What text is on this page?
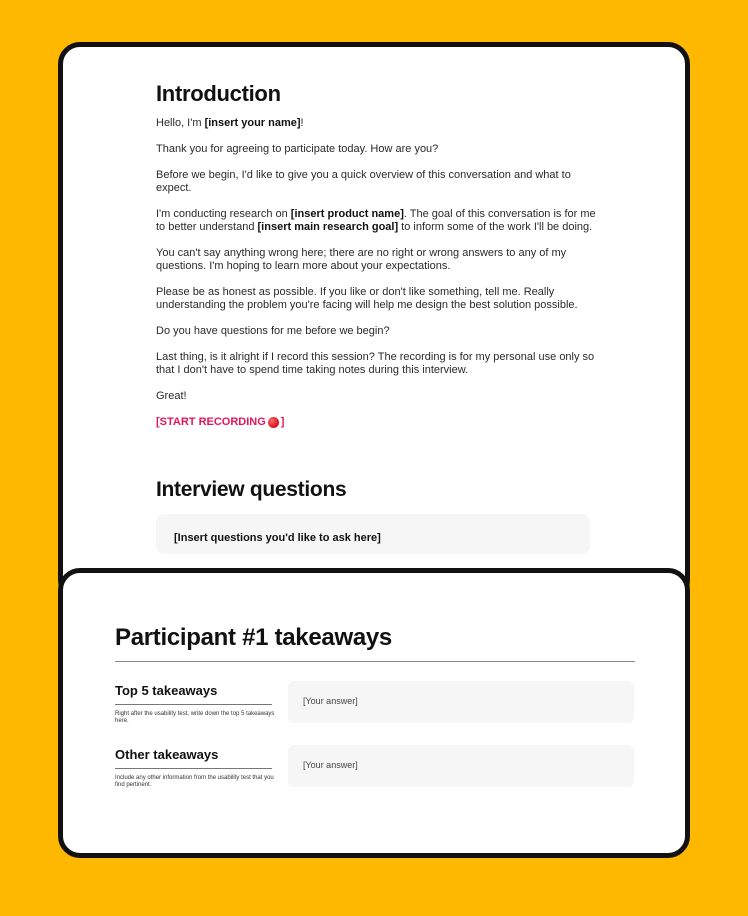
Introduction

Hello, I'm [insert your name]!

Thank you for agreeing to participate today. How are you?

Before we begin, I'd like to give you a quick overview of this conversation and what to expect.

I'm conducting research on [insert product name]. The goal of this conversation is for me to better understand [insert main research goal] to inform some of the work I'll be doing.

You can't say anything wrong here; there are no right or wrong answers to any of my questions. I'm hoping to learn more about your expectations.

Please be as honest as possible. If you like or don't like something, tell me. Really understanding the problem you're facing will help me design the best solution possible.

Do you have questions for me before we begin?

Last thing, is it alright if I record this session? The recording is for my personal use only so that I don't have to spend time taking notes during this interview.

Great!

[START RECORDING ]

Interview questions
[Insert questions you'd like to ask here]
Participant #1 takeaways

Top 5 takeaways

Right after the usability test, write down the top 5 takeaways here.
[Your answer]

Other takeaways

Include any other information from the usability test that you find pertinent.
[Your answer]
